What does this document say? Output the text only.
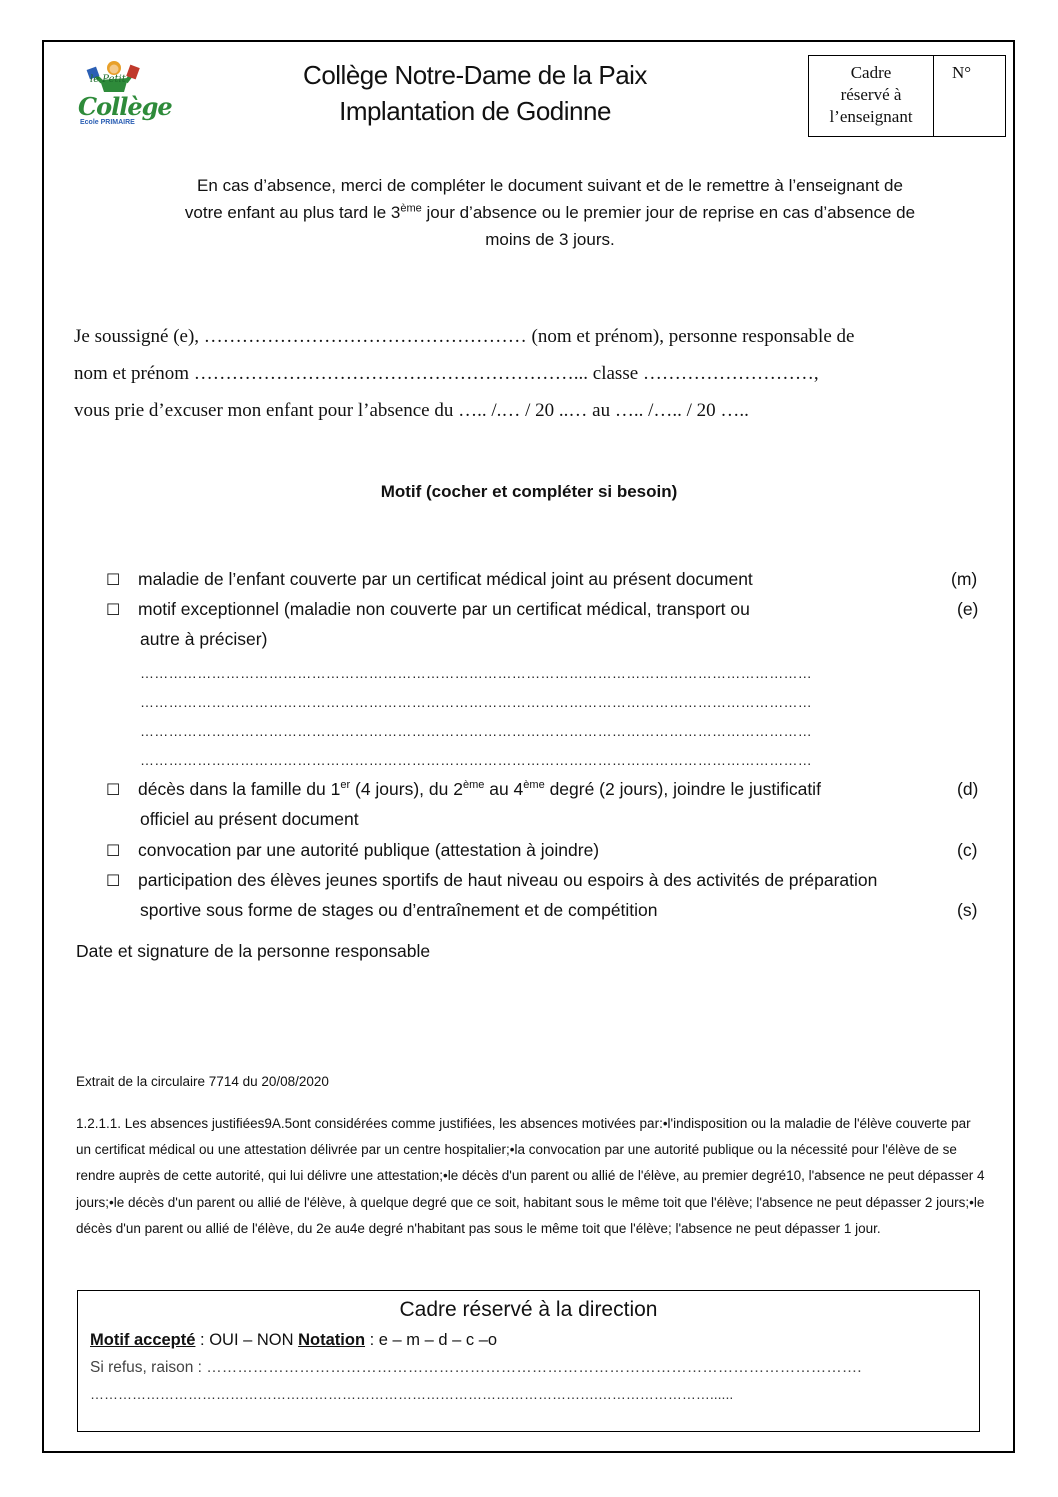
le Petit
Collège
Ecole PRIMAIRE
Collège Notre-Dame de la Paix
Implantation de Godinne
Cadre
réservé à
l’enseignant
N°
En cas d’absence, merci de compléter le document suivant et de le remettre à l’enseignant de
votre enfant au plus tard le 3ème jour d’absence ou le premier jour de reprise en cas d’absence de
moins de 3 jours.
Je soussigné (e), …………………………………………… (nom et prénom), personne responsable de
nom et prénom ……………………………………………………... classe ………………………,
vous prie d’excuser mon enfant pour l’absence du ….. /.… / 20 ..… au ….. /….. / 20 …..
Motif (cocher et compléter si besoin)
☐ maladie de l’enfant couverte par un certificat médical joint au présent document	(m)
☐ motif exceptionnel (maladie non couverte par un certificat médical, transport ou	(e)
autre à préciser)
……………………………………………………………………………………………………………………………
……………………………………………………………………………………………………………………………
……………………………………………………………………………………………………………………………
……………………………………………………………………………………………………………………………
☐ décès dans la famille du 1er (4 jours), du 2ème au 4ème degré (2 jours), joindre le justificatif	(d)
officiel au présent document
☐ convocation par une autorité publique (attestation à joindre)	(c)
☐ participation des élèves jeunes sportifs de haut niveau ou espoirs à des activités de préparation
sportive sous forme de stages ou d’entraînement et de compétition	(s)
Date et signature de la personne responsable
Extrait de la circulaire 7714 du 20/08/2020
1.2.1.1. Les absences justifiées9A.5ont considérées comme justifiées, les absences motivées par:•l'indisposition ou la maladie de l'élève couverte par un certificat médical ou une attestation délivrée par un centre hospitalier;•la convocation par une autorité publique ou la nécessité pour l'élève de se rendre auprès de cette autorité, qui lui délivre une attestation;•le décès d'un parent ou allié de l'élève, au premier degré10, l'absence ne peut dépasser 4 jours;•le décès d'un parent ou allié de l'élève, à quelque degré que ce soit, habitant sous le même toit que l'élève; l'absence ne peut dépasser 2 jours;•le décès d'un parent ou allié de l'élève, du 2e au4e degré n'habitant pas sous le même toit que l'élève; l'absence ne peut dépasser 1 jour.
Cadre réservé à la direction
Motif accepté : OUI – NON Notation : e – m – d – c –o
Si refus, raison : ……………………………………………………………………………………………………………….
……………………………………………………………………………………………….……………………......
